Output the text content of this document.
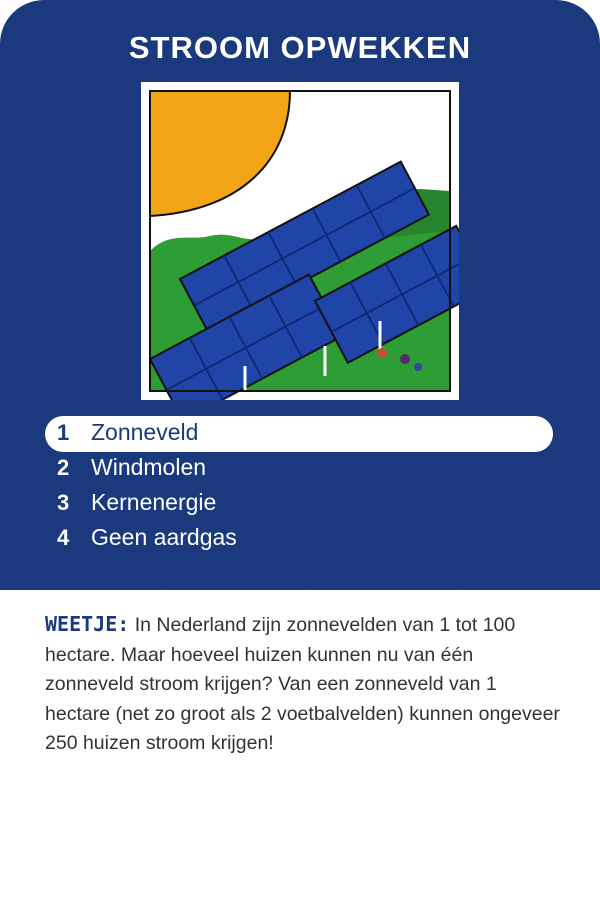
STROOM OPWEKKEN
1 Zonneveld
2 Windmolen
3 Kernenergie
4 Geen aardgas
WEETJE: In Nederland zijn zonnevelden van 1 tot 100 hectare. Maar hoeveel huizen kunnen nu van één zonneveld stroom krijgen? Van een zonneveld van 1 hectare (net zo groot als 2 voetbalvelden) kunnen ongeveer 250 huizen stroom krijgen!
